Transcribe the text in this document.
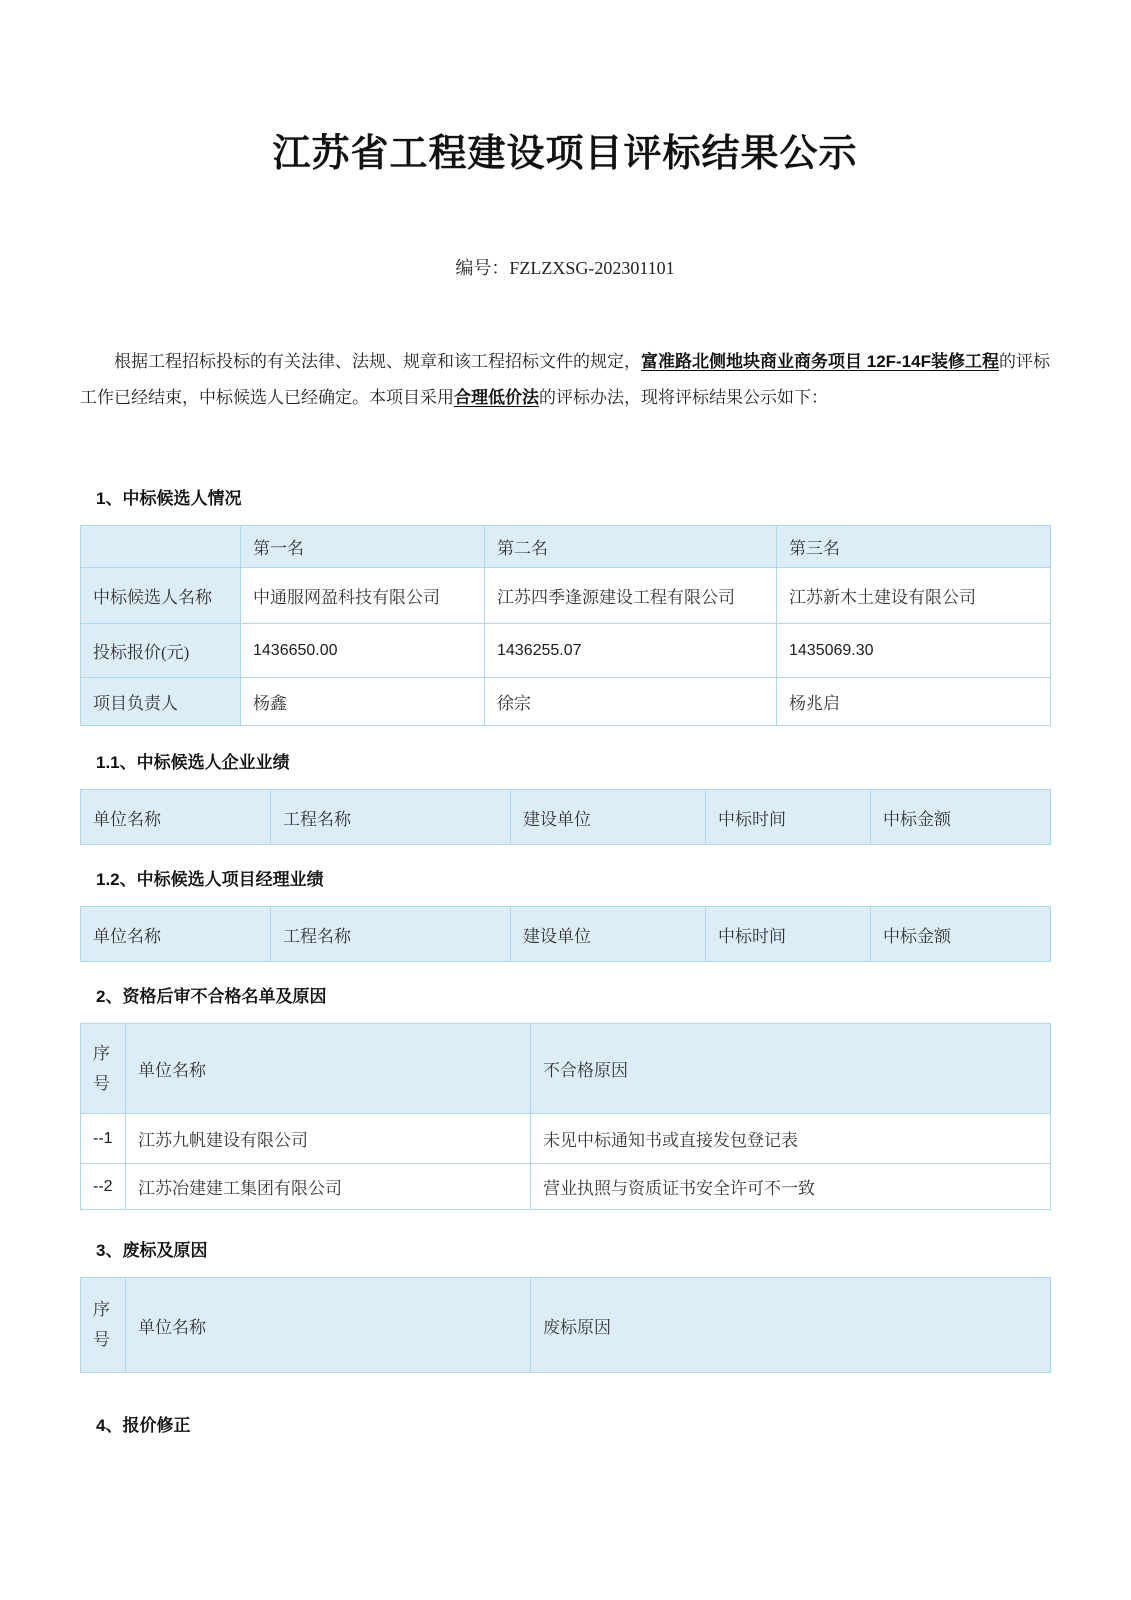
江苏省工程建设项目评标结果公示

编号：FZLZXSG-202301101

根据工程招标投标的有关法律、法规、规章和该工程招标文件的规定，富准路北侧地块商业商务项目 12F-14F装修工程的评标工作已经结束，中标候选人已经确定。本项目采用合理低价法的评标办法，现将评标结果公示如下：

1、中标候选人情况
	第一名	第二名	第三名
中标候选人名称	中通服网盈科技有限公司	江苏四季逢源建设工程有限公司	江苏新木土建设有限公司
投标报价(元)	1436650.00	1436255.07	1435069.30
项目负责人	杨鑫	徐宗	杨兆启
1.1、中标候选人企业业绩
单位名称	工程名称	建设单位	中标时间	中标金额
1.2、中标候选人项目经理业绩
单位名称	工程名称	建设单位	中标时间	中标金额
2、资格后审不合格名单及原因
序号	单位名称	不合格原因
--1	江苏九帆建设有限公司	未见中标通知书或直接发包登记表
--2	江苏冶建建工集团有限公司	营业执照与资质证书安全许可不一致
3、废标及原因
序号	单位名称	废标原因
4、报价修正
